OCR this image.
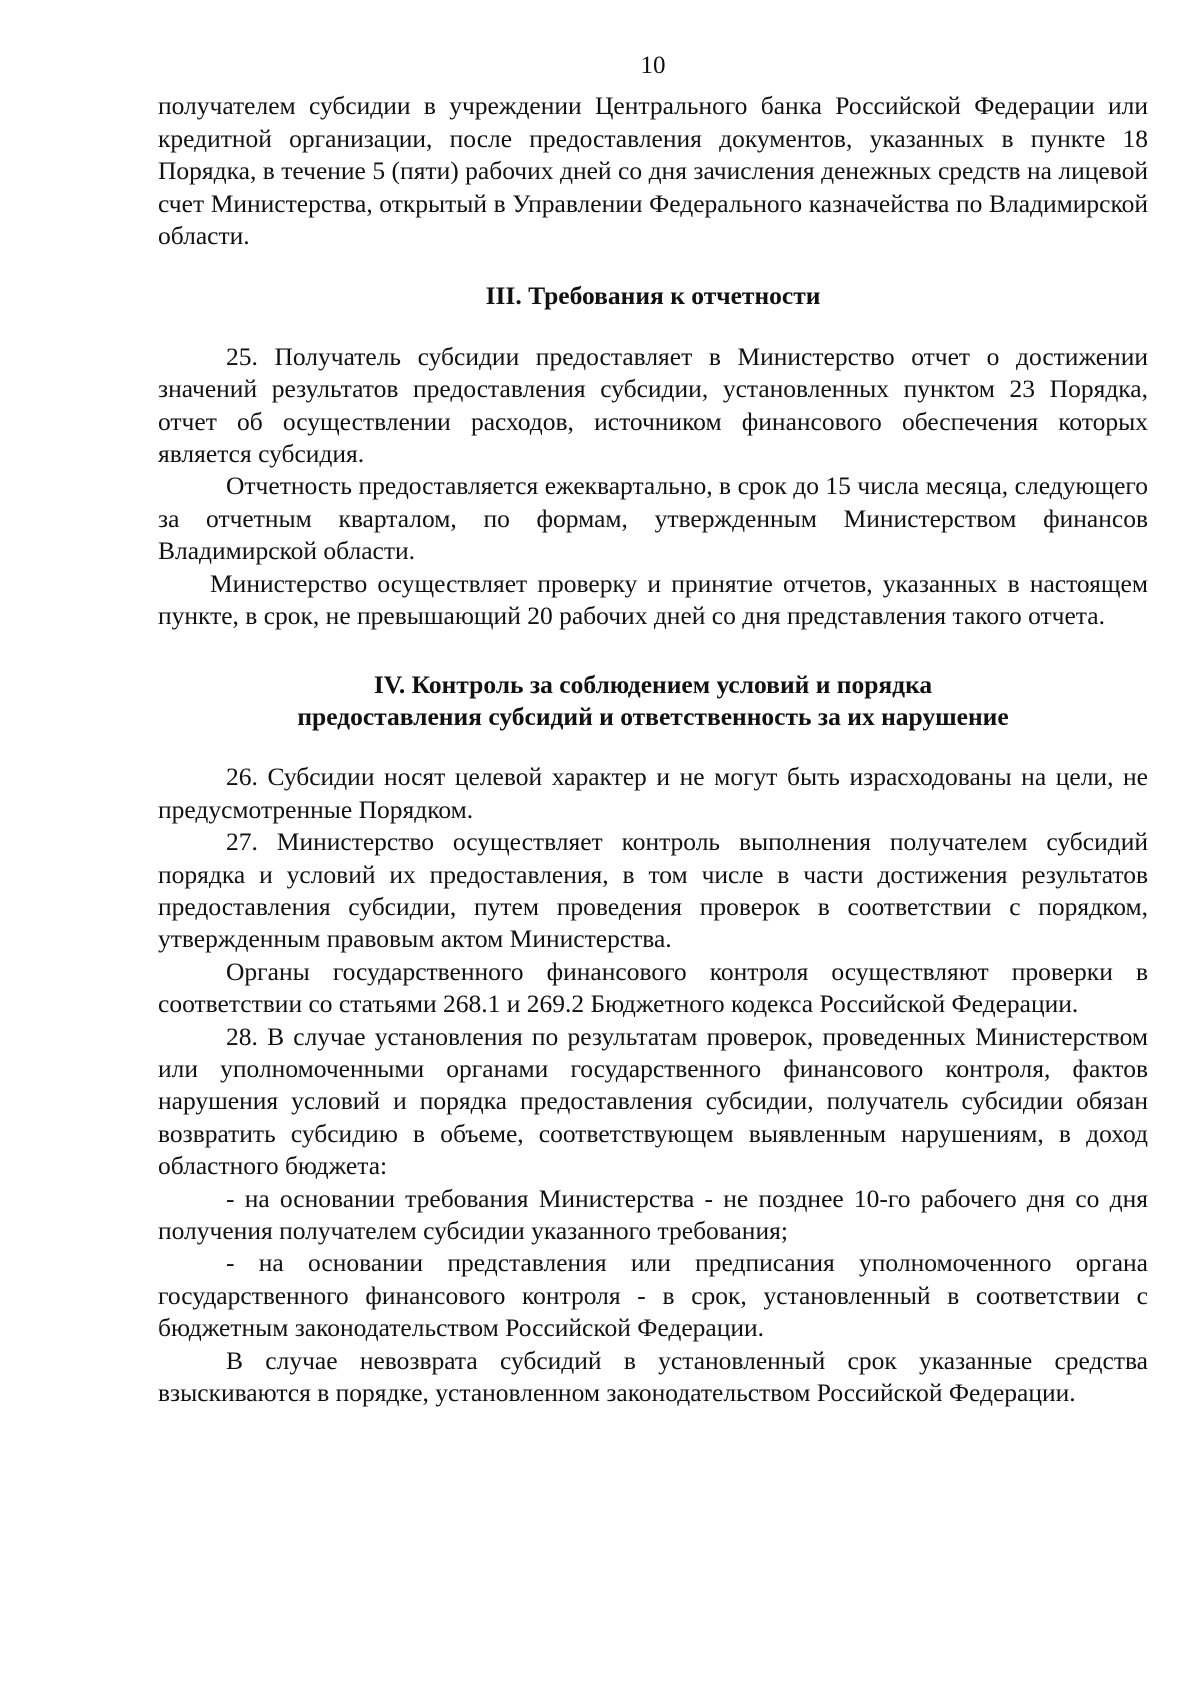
10

получателем субсидии в учреждении Центрального банка Российской Федерации или кредитной организации, после предоставления документов, указанных в пункте 18 Порядка, в течение 5 (пяти) рабочих дней со дня зачисления денежных средств на лицевой счет Министерства, открытый в Управлении Федерального казначейства по Владимирской области.

III. Требования к отчетности

25. Получатель субсидии предоставляет в Министерство отчет о достижении значений результатов предоставления субсидии, установленных пунктом 23 Порядка, отчет об осуществлении расходов, источником финансового обеспечения которых является субсидия.

Отчетность предоставляется ежеквартально, в срок до 15 числа месяца, следующего за отчетным кварталом, по формам, утвержденным Министерством финансов Владимирской области.

Министерство осуществляет проверку и принятие отчетов, указанных в настоящем пункте, в срок, не превышающий 20 рабочих дней со дня представления такого отчета.

IV. Контроль за соблюдением условий и порядка
предоставления субсидий и ответственность за их нарушение

26. Субсидии носят целевой характер и не могут быть израсходованы на цели, не предусмотренные Порядком.

27. Министерство осуществляет контроль выполнения получателем субсидий порядка и условий их предоставления, в том числе в части достижения результатов предоставления субсидии, путем проведения проверок в соответствии с порядком, утвержденным правовым актом Министерства.

Органы государственного финансового контроля осуществляют проверки в соответствии со статьями 268.1 и 269.2 Бюджетного кодекса Российской Федерации.

28. В случае установления по результатам проверок, проведенных Министерством или уполномоченными органами государственного финансового контроля, фактов нарушения условий и порядка предоставления субсидии, получатель субсидии обязан возвратить субсидию в объеме, соответствующем выявленным нарушениям, в доход областного бюджета:

- на основании требования Министерства - не позднее 10-го рабочего дня со дня получения получателем субсидии указанного требования;

- на основании представления или предписания уполномоченного органа государственного финансового контроля - в срок, установленный в соответствии с бюджетным законодательством Российской Федерации.

В случае невозврата субсидий в установленный срок указанные средства взыскиваются в порядке, установленном законодательством Российской Федерации.
